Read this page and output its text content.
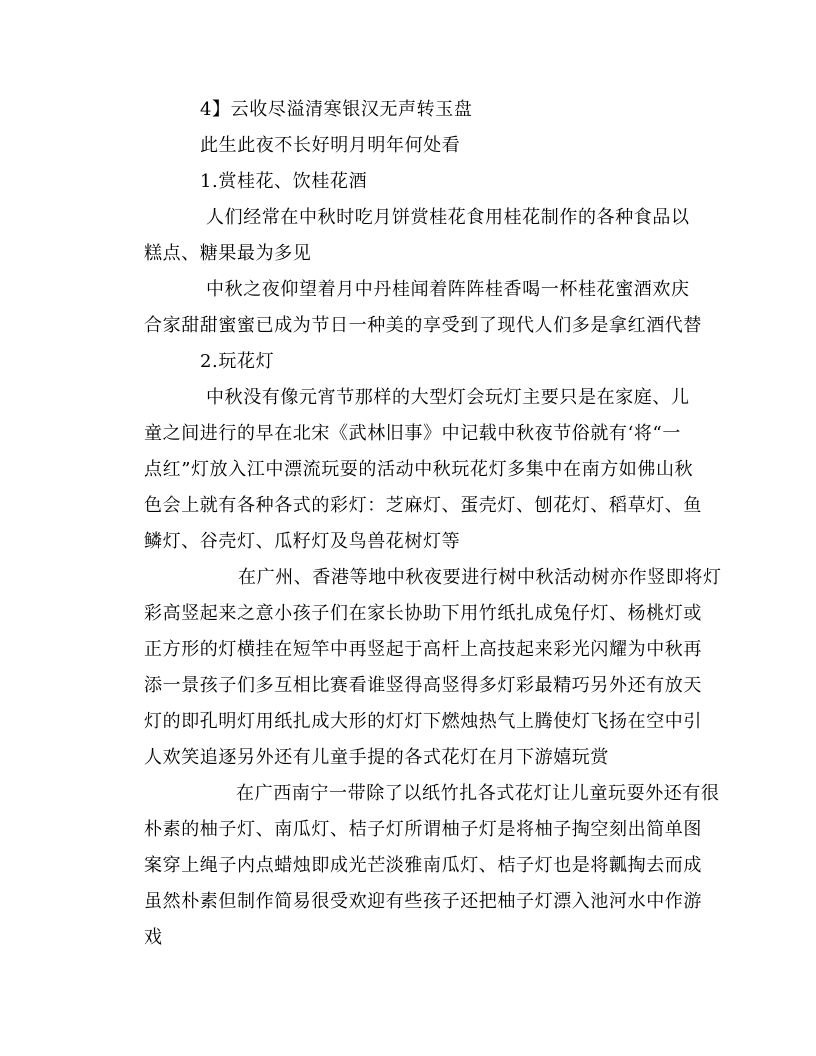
4】云收尽溢清寒银汉无声转玉盘
此生此夜不长好明月明年何处看
1.赏桂花、饮桂花酒
人们经常在中秋时吃月饼赏桂花食用桂花制作的各种食品以
糕点、糖果最为多见
中秋之夜仰望着月中丹桂闻着阵阵桂香喝一杯桂花蜜酒欢庆
合家甜甜蜜蜜已成为节日一种美的享受到了现代人们多是拿红酒代替
2.玩花灯
中秋没有像元宵节那样的大型灯会玩灯主要只是在家庭、儿
童之间进行的早在北宋《武林旧事》中记载中秋夜节俗就有‘将“一
点红”灯放入江中漂流玩耍的活动中秋玩花灯多集中在南方如佛山秋
色会上就有各种各式的彩灯：芝麻灯、蛋壳灯、刨花灯、稻草灯、鱼
鳞灯、谷壳灯、瓜籽灯及鸟兽花树灯等
在广州、香港等地中秋夜要进行树中秋活动树亦作竖即将灯
彩高竖起来之意小孩子们在家长协助下用竹纸扎成兔仔灯、杨桃灯或
正方形的灯横挂在短竿中再竖起于高杆上高技起来彩光闪耀为中秋再
添一景孩子们多互相比赛看谁竖得高竖得多灯彩最精巧另外还有放天
灯的即孔明灯用纸扎成大形的灯灯下燃烛热气上腾使灯飞扬在空中引
人欢笑追逐另外还有儿童手提的各式花灯在月下游嬉玩赏
在广西南宁一带除了以纸竹扎各式花灯让儿童玩耍外还有很
朴素的柚子灯、南瓜灯、桔子灯所谓柚子灯是将柚子掏空刻出简单图
案穿上绳子内点蜡烛即成光芒淡雅南瓜灯、桔子灯也是将瓤掏去而成
虽然朴素但制作简易很受欢迎有些孩子还把柚子灯漂入池河水中作游
戏
